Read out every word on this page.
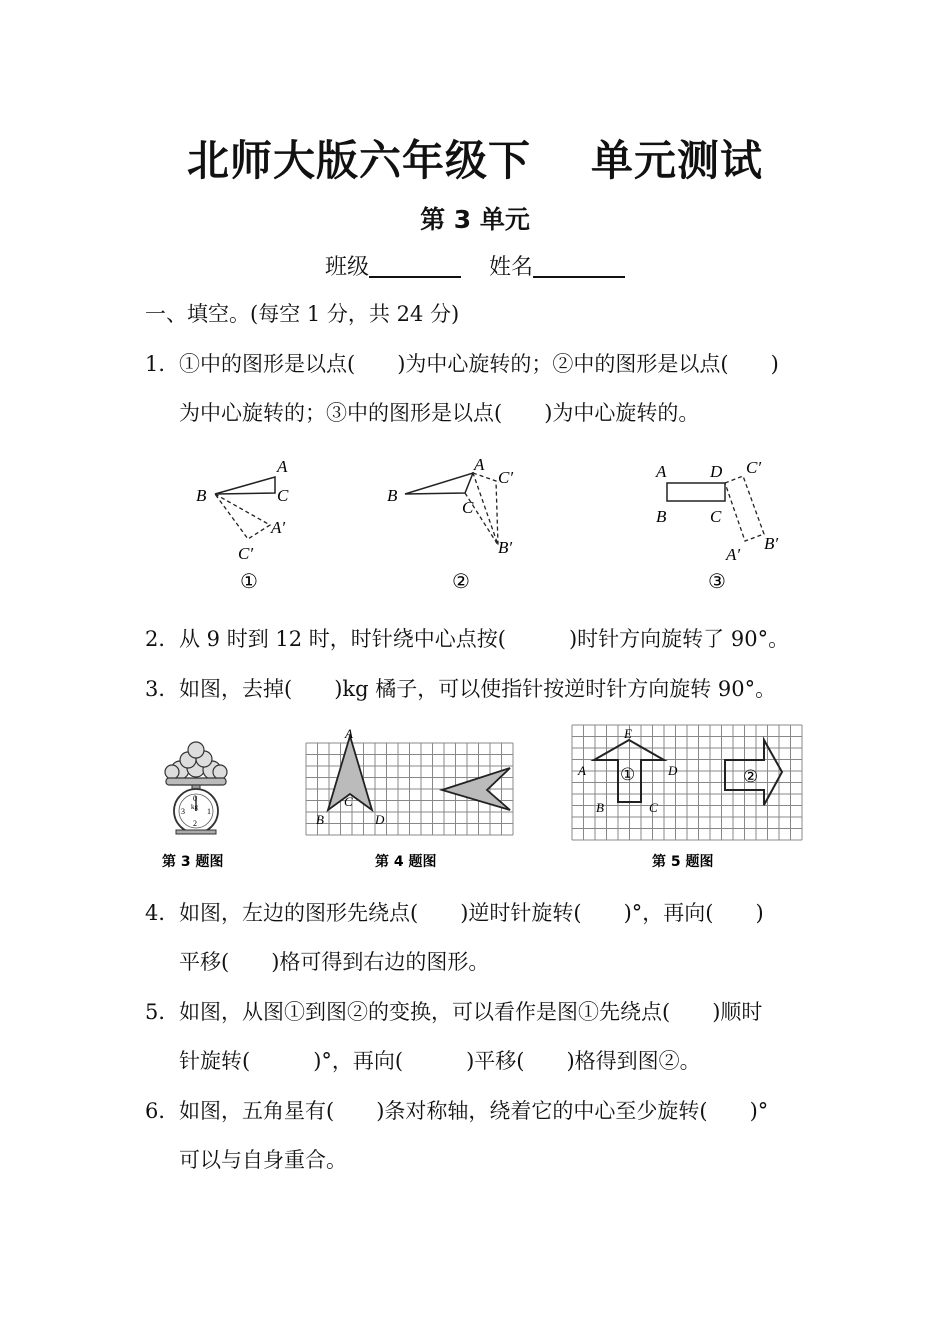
北师大版六年级下 单元测试
第 3 单元
班级	姓名
一、填空。(每空 1 分，共 24 分)
1．①中的图形是以点(　　)为中心旋转的；②中的图形是以点(　　)
为中心旋转的；③中的图形是以点(　　)为中心旋转的。
A
B	C
A′
C′
①
A
B
C
C′
B′
②
A	D C′
B	C
A′
B′
③
2．从 9 时到 12 时，时针绕中心点按(　　　)时针方向旋转了 90°。
3．如图，去掉(　　)kg 橘子，可以使指针按逆时针方向旋转 90°。
0
kg
3	1
2
第 3 题图
A
B
C
D
第 4 题图
E
A	D
B	C
①	②
第 5 题图
4．如图，左边的图形先绕点(　　)逆时针旋转(　　)°，再向(　　)
平移(　　)格可得到右边的图形。
5．如图，从图①到图②的变换，可以看作是图①先绕点(　　)顺时
针旋转(　　　)°，再向(　　　)平移(　　)格得到图②。
6．如图，五角星有(　　)条对称轴，绕着它的中心至少旋转(　　)°
可以与自身重合。
